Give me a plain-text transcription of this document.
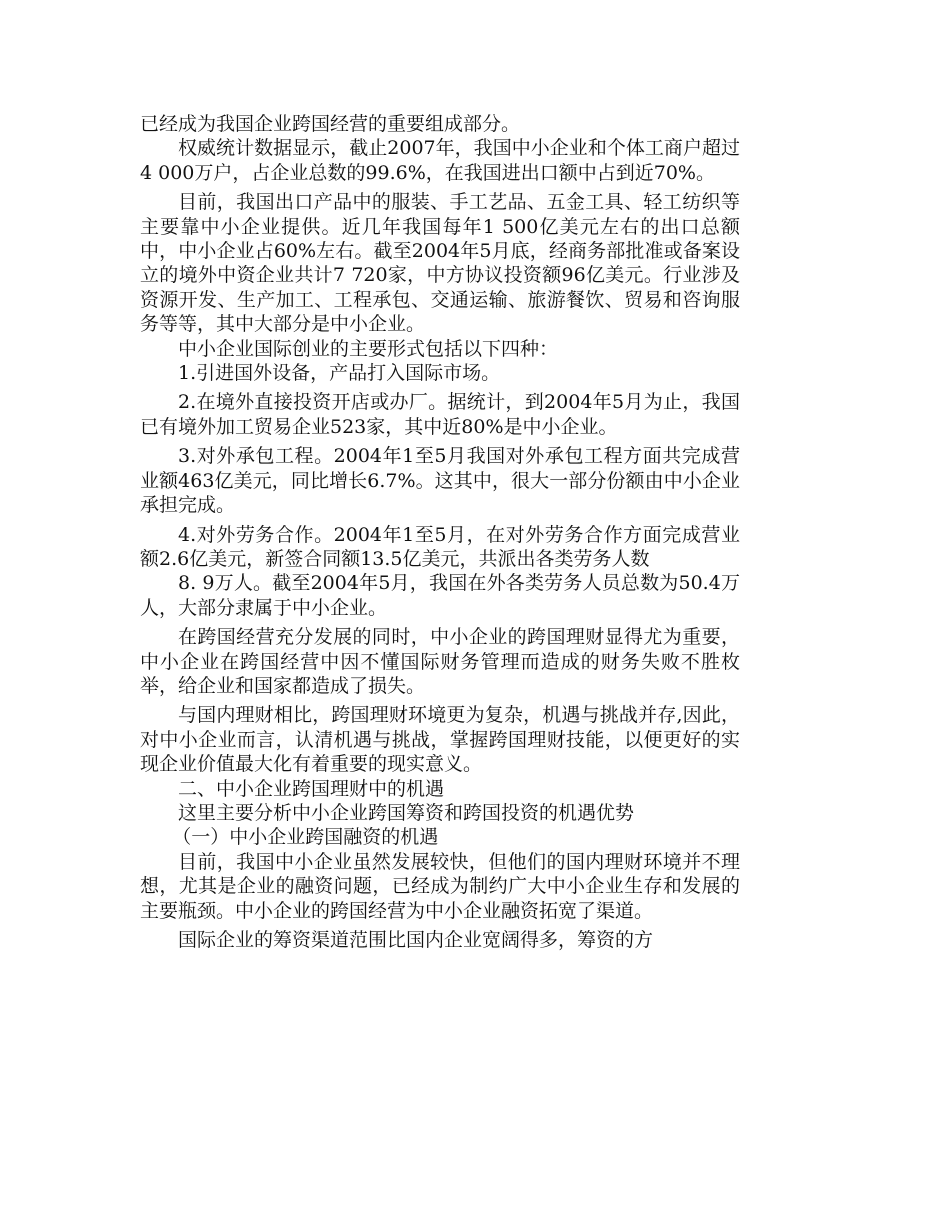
已经成为我国企业跨国经营的重要组成部分。

权威统计数据显示，截止2007年，我国中小企业和个体工商户超过4 000万户，占企业总数的99.6%，在我国进出口额中占到近70%。

目前，我国出口产品中的服装、手工艺品、五金工具、轻工纺织等主要靠中小企业提供。近几年我国每年1 500亿美元左右的出口总额中，中小企业占60%左右。截至2004年5月底，经商务部批准或备案设立的境外中资企业共计7 720家，中方协议投资额96亿美元。行业涉及资源开发、生产加工、工程承包、交通运输、旅游餐饮、贸易和咨询服务等等，其中大部分是中小企业。

中小企业国际创业的主要形式包括以下四种：

1.引进国外设备，产品打入国际市场。

2.在境外直接投资开店或办厂。据统计，到2004年5月为止，我国已有境外加工贸易企业523家，其中近80%是中小企业。

3.对外承包工程。2004年1至5月我国对外承包工程方面共完成营业额463亿美元，同比增长6.7%。这其中，很大一部分份额由中小企业承担完成。

4.对外劳务合作。2004年1至5月，在对外劳务合作方面完成营业额2.6亿美元，新签合同额13.5亿美元，共派出各类劳务人数

8. 9万人。截至2004年5月，我国在外各类劳务人员总数为50.4万人，大部分隶属于中小企业。

在跨国经营充分发展的同时，中小企业的跨国理财显得尤为重要，中小企业在跨国经营中因不懂国际财务管理而造成的财务失败不胜枚举，给企业和国家都造成了损失。

与国内理财相比，跨国理财环境更为复杂，机遇与挑战并存,因此，对中小企业而言，认清机遇与挑战，掌握跨国理财技能，以便更好的实现企业价值最大化有着重要的现实意义。

二、中小企业跨国理财中的机遇

这里主要分析中小企业跨国筹资和跨国投资的机遇优势

（一）中小企业跨国融资的机遇

目前，我国中小企业虽然发展较快，但他们的国内理财环境并不理想，尤其是企业的融资问题，已经成为制约广大中小企业生存和发展的主要瓶颈。中小企业的跨国经营为中小企业融资拓宽了渠道。

国际企业的筹资渠道范围比国内企业宽阔得多，筹资的方
